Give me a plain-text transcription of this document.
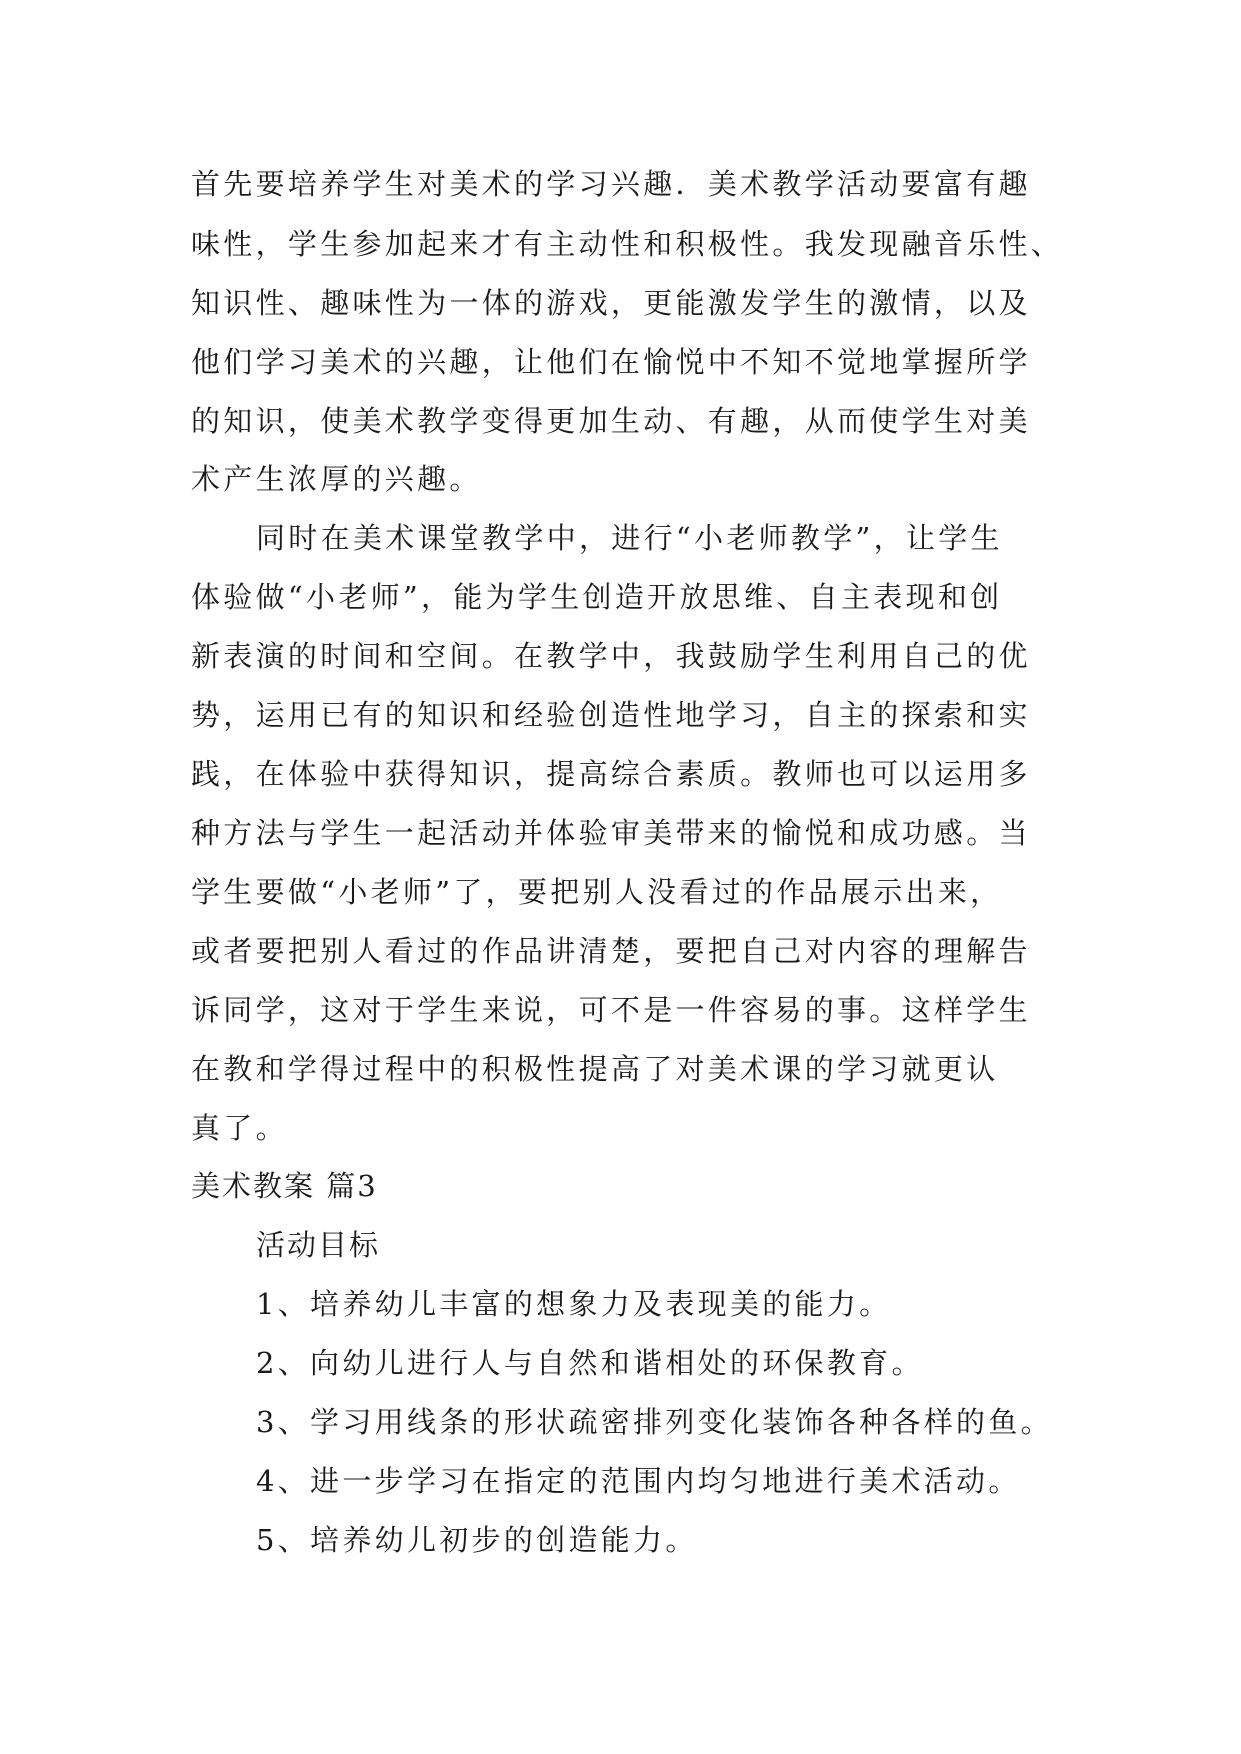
首先要培养学生对美术的学习兴趣．美术教学活动要富有趣
味性，学生参加起来才有主动性和积极性。我发现融音乐性、
知识性、趣味性为一体的游戏，更能激发学生的激情，以及
他们学习美术的兴趣，让他们在愉悦中不知不觉地掌握所学
的知识，使美术教学变得更加生动、有趣，从而使学生对美
术产生浓厚的兴趣。
同时在美术课堂教学中，进行“小老师教学”，让学生
体验做“小老师”，能为学生创造开放思维、自主表现和创
新表演的时间和空间。在教学中，我鼓励学生利用自己的优
势，运用已有的知识和经验创造性地学习，自主的探索和实
践，在体验中获得知识，提高综合素质。教师也可以运用多
种方法与学生一起活动并体验审美带来的愉悦和成功感。当
学生要做“小老师”了，要把别人没看过的作品展示出来，
或者要把别人看过的作品讲清楚，要把自己对内容的理解告
诉同学，这对于学生来说，可不是一件容易的事。这样学生
在教和学得过程中的积极性提高了对美术课的学习就更认
真了。
美术教案 篇3
活动目标
1、培养幼儿丰富的想象力及表现美的能力。
2、向幼儿进行人与自然和谐相处的环保教育。
3、学习用线条的形状疏密排列变化装饰各种各样的鱼。
4、进一步学习在指定的范围内均匀地进行美术活动。
5、培养幼儿初步的创造能力。
